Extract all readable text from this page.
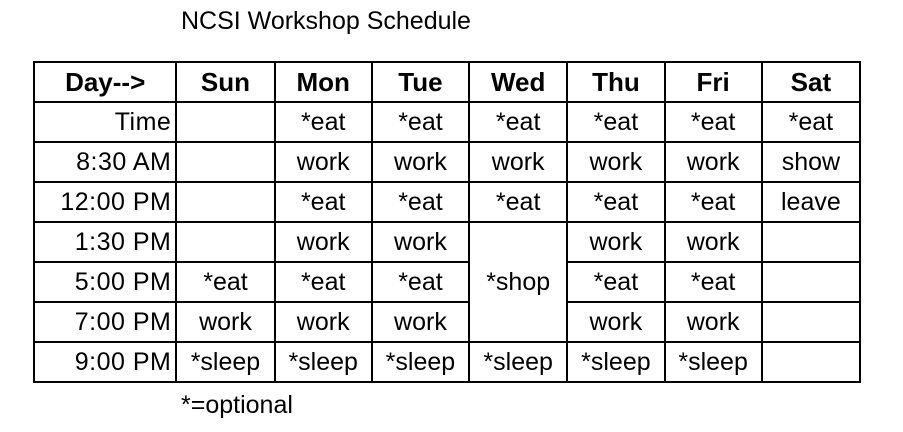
NCSI Workshop Schedule
Day-->	Sun	Mon	Tue	Wed	Thu	Fri	Sat
Time		*eat	*eat	*eat	*eat	*eat	*eat
8:30 AM		work	work	work	work	work	show
12:00 PM		*eat	*eat	*eat	*eat	*eat	leave
1:30 PM		work	work	*shop	work	work	
5:00 PM	*eat	*eat	*eat		*eat	*eat	
7:00 PM	work	work	work		work	work	
9:00 PM	*sleep	*sleep	*sleep	*sleep	*sleep	*sleep	
*=optional
